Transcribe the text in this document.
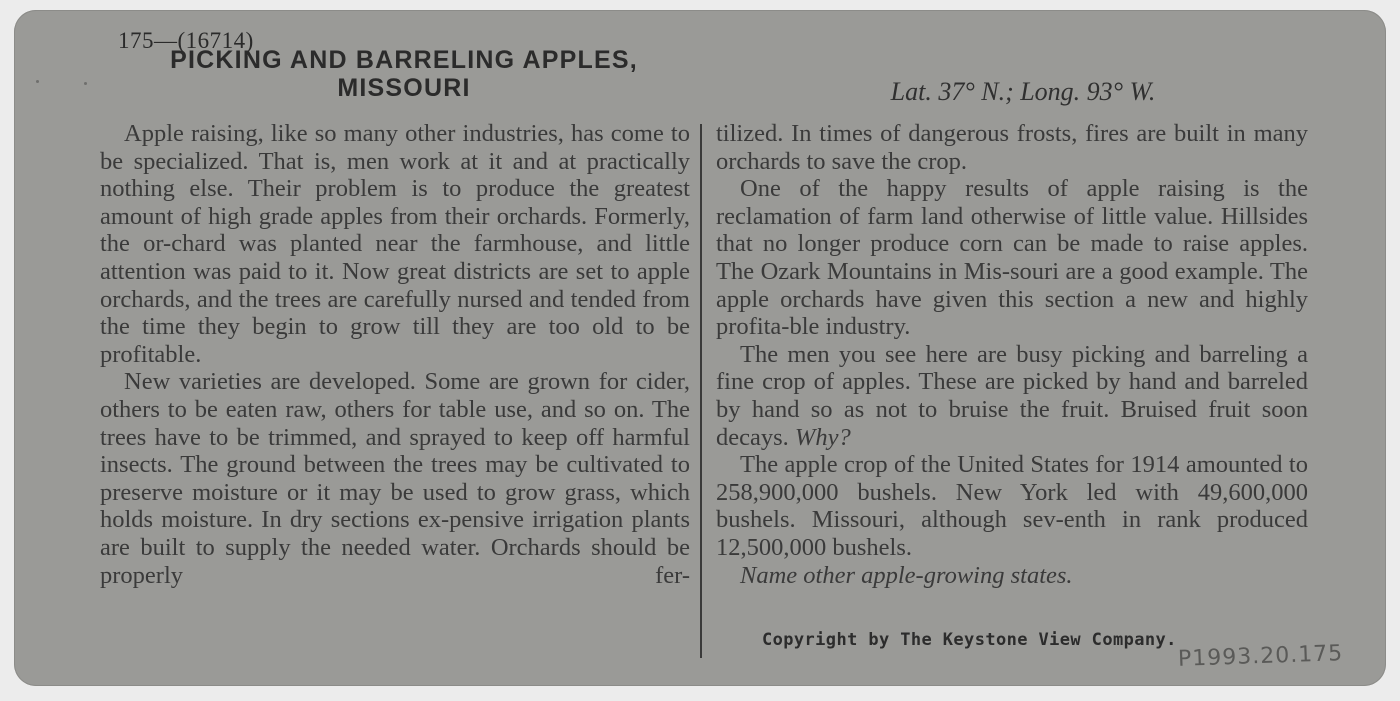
175—(16714)
PICKING AND BARRELING APPLES,
MISSOURI	Lat. 37° N.; Long. 93° W.

Apple raising, like so many other industries, has come to be specialized. That is, men work at it and at practically nothing else. Their problem is to produce the greatest amount of high grade apples from their orchards. Formerly, the or-chard was planted near the farmhouse, and little attention was paid to it. Now great districts are set to apple orchards, and the trees are carefully nursed and tended from the time they begin to grow till they are too old to be profitable.

New varieties are developed. Some are grown for cider, others to be eaten raw, others for table use, and so on. The trees have to be trimmed, and sprayed to keep off harmful insects. The ground between the trees may be cultivated to preserve moisture or it may be used to grow grass, which holds moisture. In dry sections ex-pensive irrigation plants are built to supply the needed water. Orchards should be properly fer-

tilized. In times of dangerous frosts, fires are built in many orchards to save the crop.

One of the happy results of apple raising is the reclamation of farm land otherwise of little value. Hillsides that no longer produce corn can be made to raise apples. The Ozark Mountains in Mis-souri are a good example. The apple orchards have given this section a new and highly profita-ble industry.

The men you see here are busy picking and barreling a fine crop of apples. These are picked by hand and barreled by hand so as not to bruise the fruit. Bruised fruit soon decays. Why?

The apple crop of the United States for 1914 amounted to 258,900,000 bushels. New York led with 49,600,000 bushels. Missouri, although sev-enth in rank produced 12,500,000 bushels.

Name other apple-growing states.

Copyright by The Keystone View Company.
P1993.20.175
